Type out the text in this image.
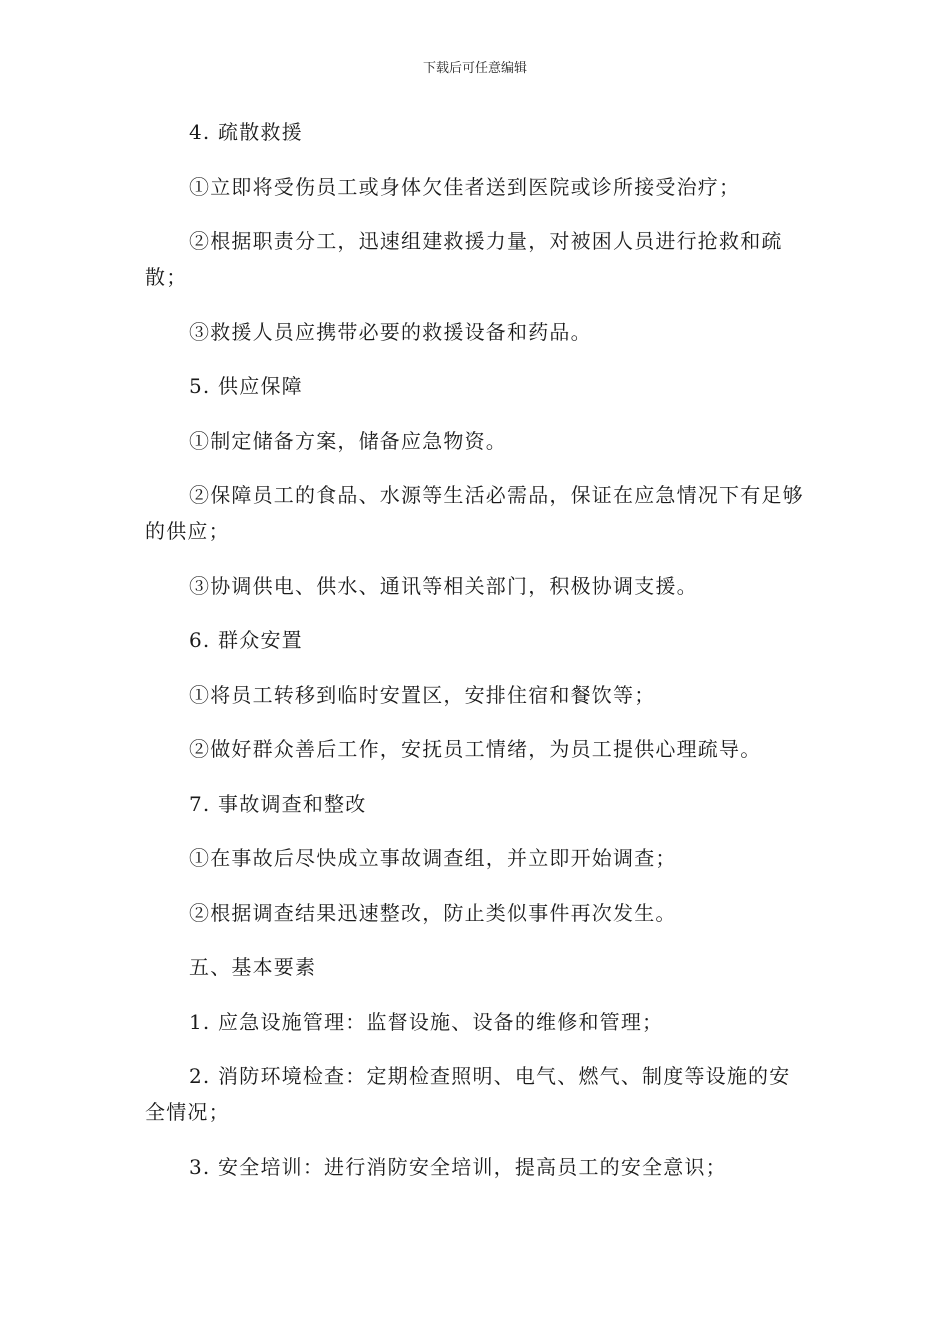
下载后可任意编辑

4. 疏散救援

①立即将受伤员工或身体欠佳者送到医院或诊所接受治疗；

②根据职责分工，迅速组建救援力量，对被困人员进行抢救和疏散；

③救援人员应携带必要的救援设备和药品。

5. 供应保障

①制定储备方案，储备应急物资。

②保障员工的食品、水源等生活必需品，保证在应急情况下有足够的供应；

③协调供电、供水、通讯等相关部门，积极协调支援。

6. 群众安置

①将员工转移到临时安置区，安排住宿和餐饮等；

②做好群众善后工作，安抚员工情绪，为员工提供心理疏导。

7. 事故调查和整改

①在事故后尽快成立事故调查组，并立即开始调查；

②根据调查结果迅速整改，防止类似事件再次发生。

五、基本要素

1. 应急设施管理：监督设施、设备的维修和管理；

2. 消防环境检查：定期检查照明、电气、燃气、制度等设施的安全情况；

3. 安全培训：进行消防安全培训，提高员工的安全意识；
